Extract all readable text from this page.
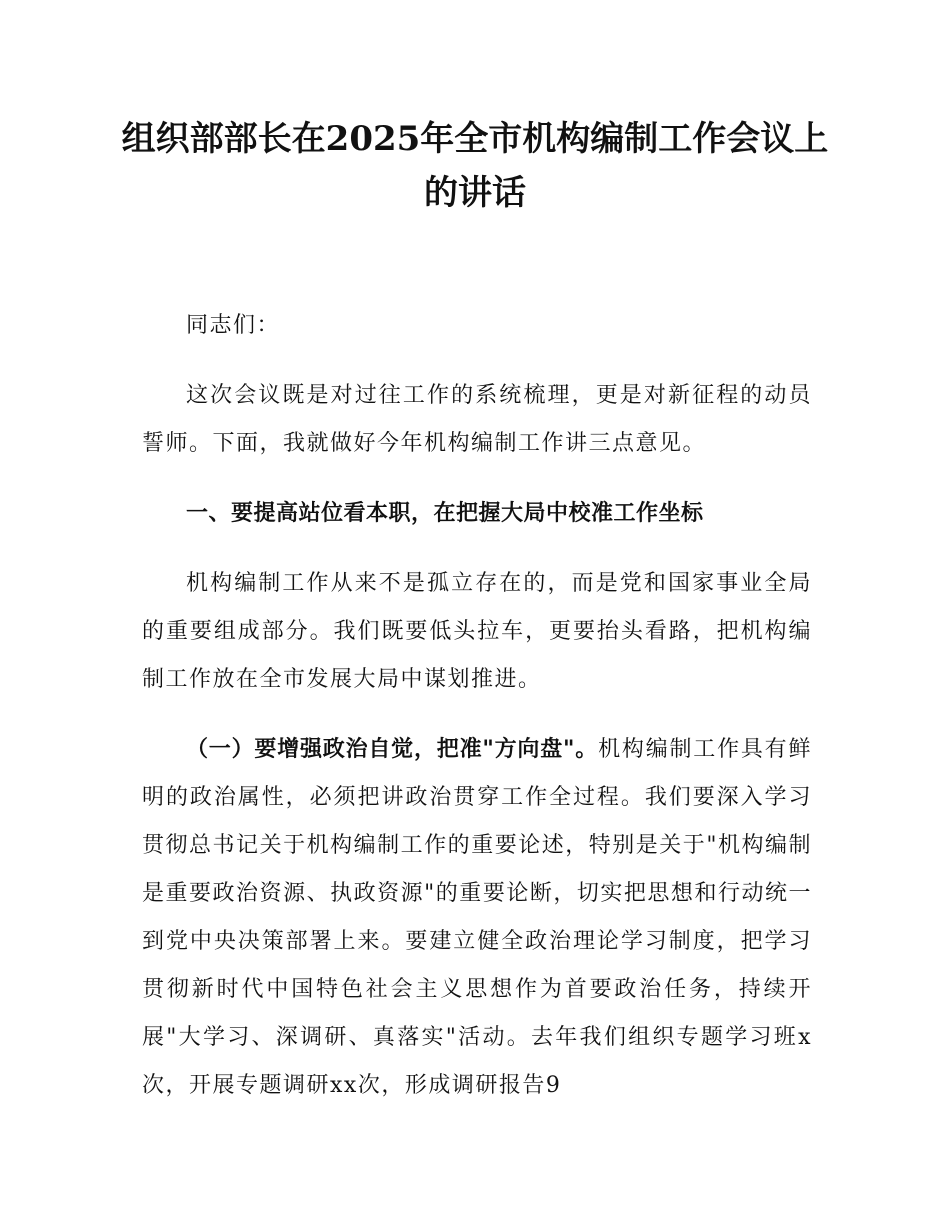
组织部部长在2025年全市机构编制工作会议上的讲话

同志们：

这次会议既是对过往工作的系统梳理，更是对新征程的动员誓师。下面，我就做好今年机构编制工作讲三点意见。

一、要提高站位看本职，在把握大局中校准工作坐标

机构编制工作从来不是孤立存在的，而是党和国家事业全局的重要组成部分。我们既要低头拉车，更要抬头看路，把机构编制工作放在全市发展大局中谋划推进。

（一）要增强政治自觉，把准"方向盘"。机构编制工作具有鲜明的政治属性，必须把讲政治贯穿工作全过程。我们要深入学习贯彻总书记关于机构编制工作的重要论述，特别是关于"机构编制是重要政治资源、执政资源"的重要论断，切实把思想和行动统一到党中央决策部署上来。要建立健全政治理论学习制度，把学习贯彻新时代中国特色社会主义思想作为首要政治任务，持续开展"大学习、深调研、真落实"活动。去年我们组织专题学习班x次，开展专题调研xx次，形成调研报告9
